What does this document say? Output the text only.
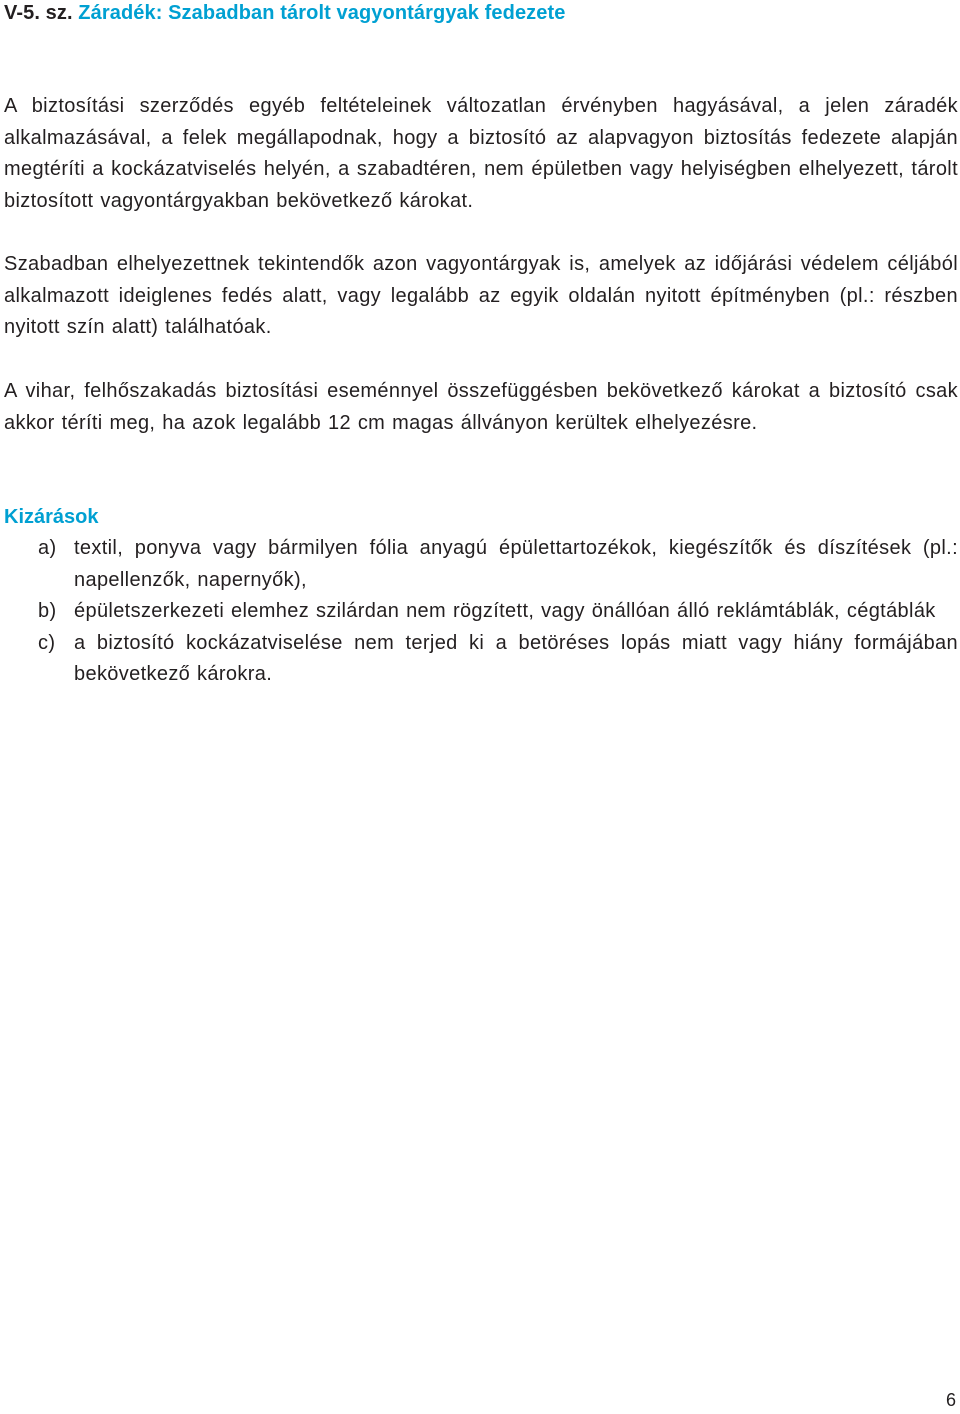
V-5. sz. Záradék: Szabadban tárolt vagyontárgyak fedezete

A biztosítási szerződés egyéb feltételeinek változatlan érvényben hagyásával, a jelen záradék alkalmazásával, a felek megállapodnak, hogy a biztosító az alapvagyon biztosítás fedezete alapján megtéríti a kockázatviselés helyén, a szabadtéren, nem épületben vagy helyiségben elhelyezett, tárolt biztosított vagyontárgyakban bekövetkező károkat.

Szabadban elhelyezettnek tekintendők azon vagyontárgyak is, amelyek az időjárási védelem céljából alkalmazott ideiglenes fedés alatt, vagy legalább az egyik oldalán nyitott építményben (pl.: részben nyitott szín alatt) találhatóak.

A vihar, felhőszakadás biztosítási eseménnyel összefüggésben bekövetkező károkat a biztosító csak akkor téríti meg, ha azok legalább 12 cm magas állványon kerültek elhelyezésre.

Kizárások
a) textil, ponyva vagy bármilyen fólia anyagú épülettartozékok, kiegészítők és díszítések (pl.: napellenzők, napernyők),
b) épületszerkezeti elemhez szilárdan nem rögzített, vagy önállóan álló reklámtáblák, cégtáblák
c) a biztosító kockázatviselése nem terjed ki a betöréses lopás miatt vagy hiány formájában bekövetkező károkra.
6
